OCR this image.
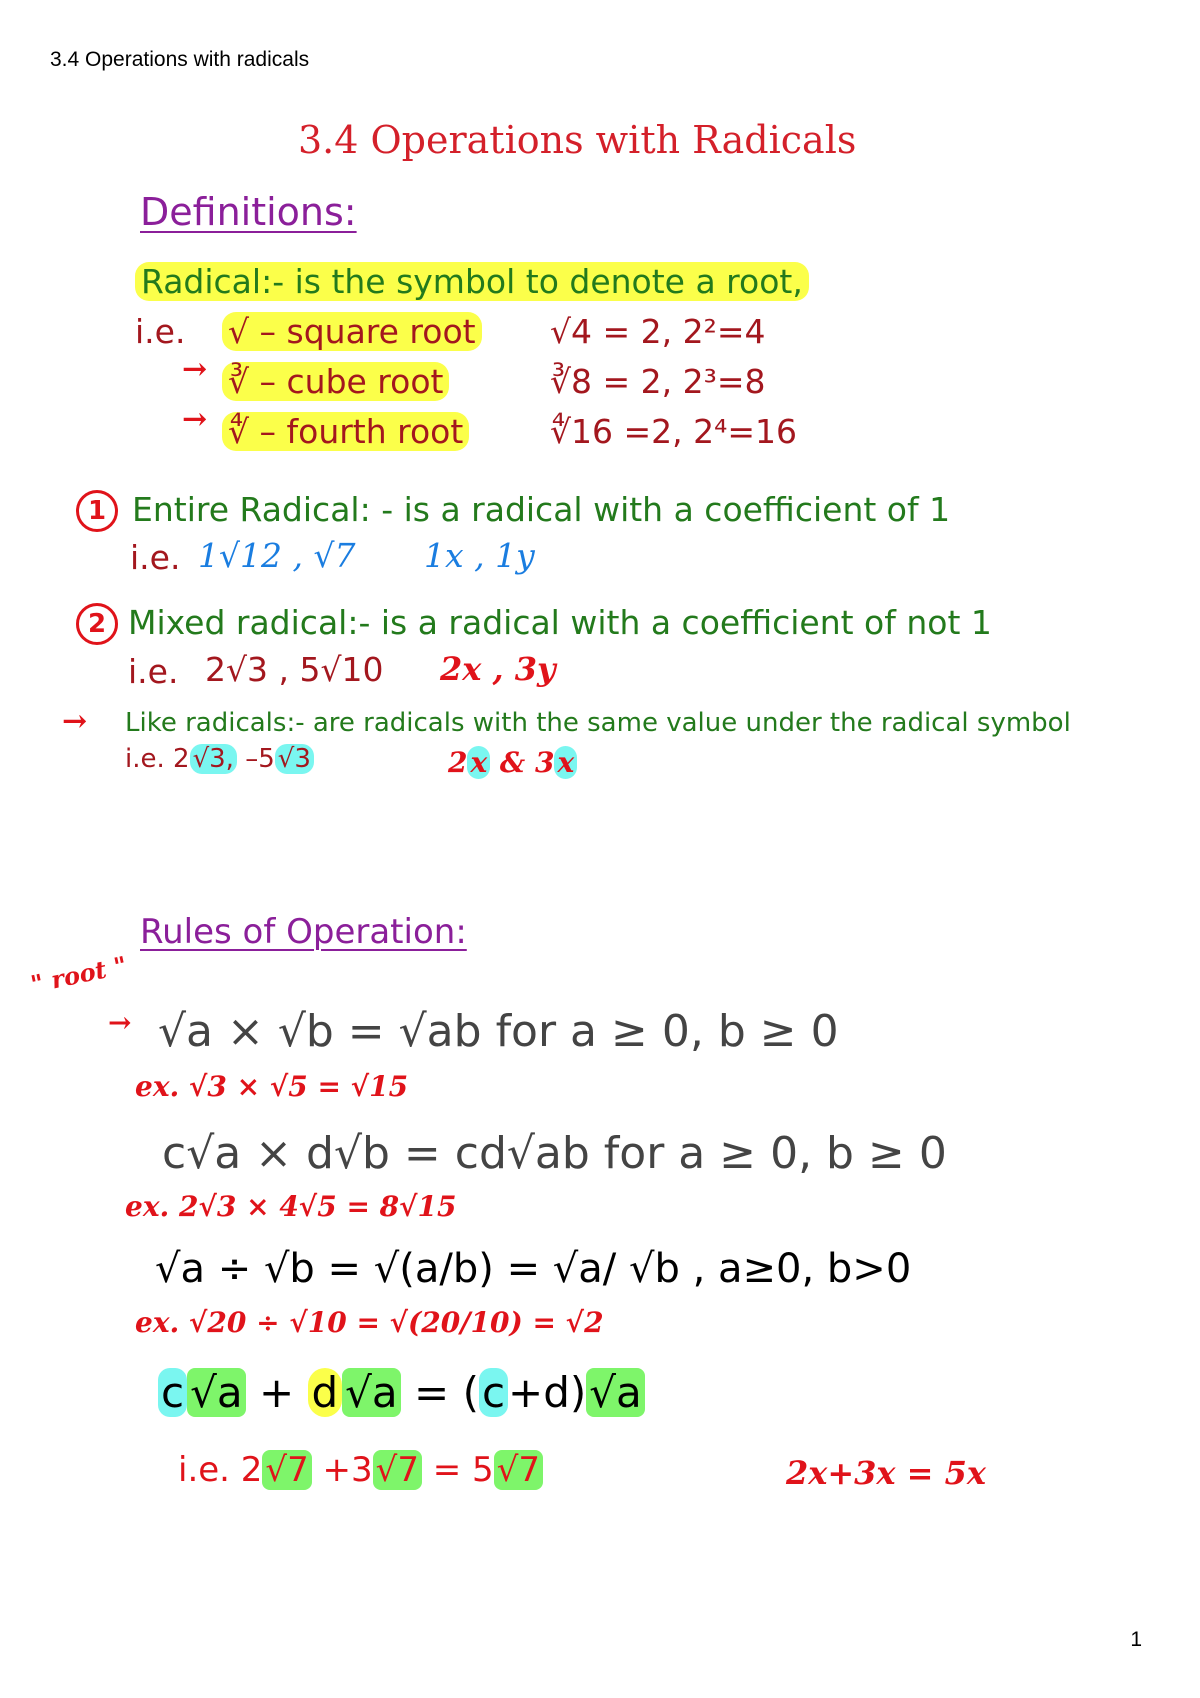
3.4 Operations with radicals
3.4 Operations with Radicals
Definitions:
Radical:- is the symbol to denote a root,
i.e. √ – square root √4 = 2, 2²=4
→ ∛ – cube root	∛8 = 2, 2³=8
→ ∜ – fourth root	∜16 =2, 2⁴=16
1 Entire Radical: - is a radical with a coefficient of 1
i.e. 1√12 , √7 1x , 1y
2 Mixed radical:- is a radical with a coefficient of not 1
i.e. 2√3 , 5√10 2x , 3y
→ Like radicals:- are radicals with the same value under the radical symbol
i.e. 2 √3, –5 √3	2 x & 3 x
Rules of Operation:
" root "
→ √a × √b = √ab for a ≥ 0, b ≥ 0
ex. √3 × √5 = √15
c√a × d√b = cd√ab for a ≥ 0, b ≥ 0
ex. 2√3 × 4√5 = 8√15
√a ÷ √b = √(a/b) = √a/ √b , a≥0, b>0
ex. √20 ÷ √10 = √(20/10) = √2
c √a + d √a = (c+d)√a
i.e. 2√7 +3√7 = 5√7	2x+3x = 5x
1
